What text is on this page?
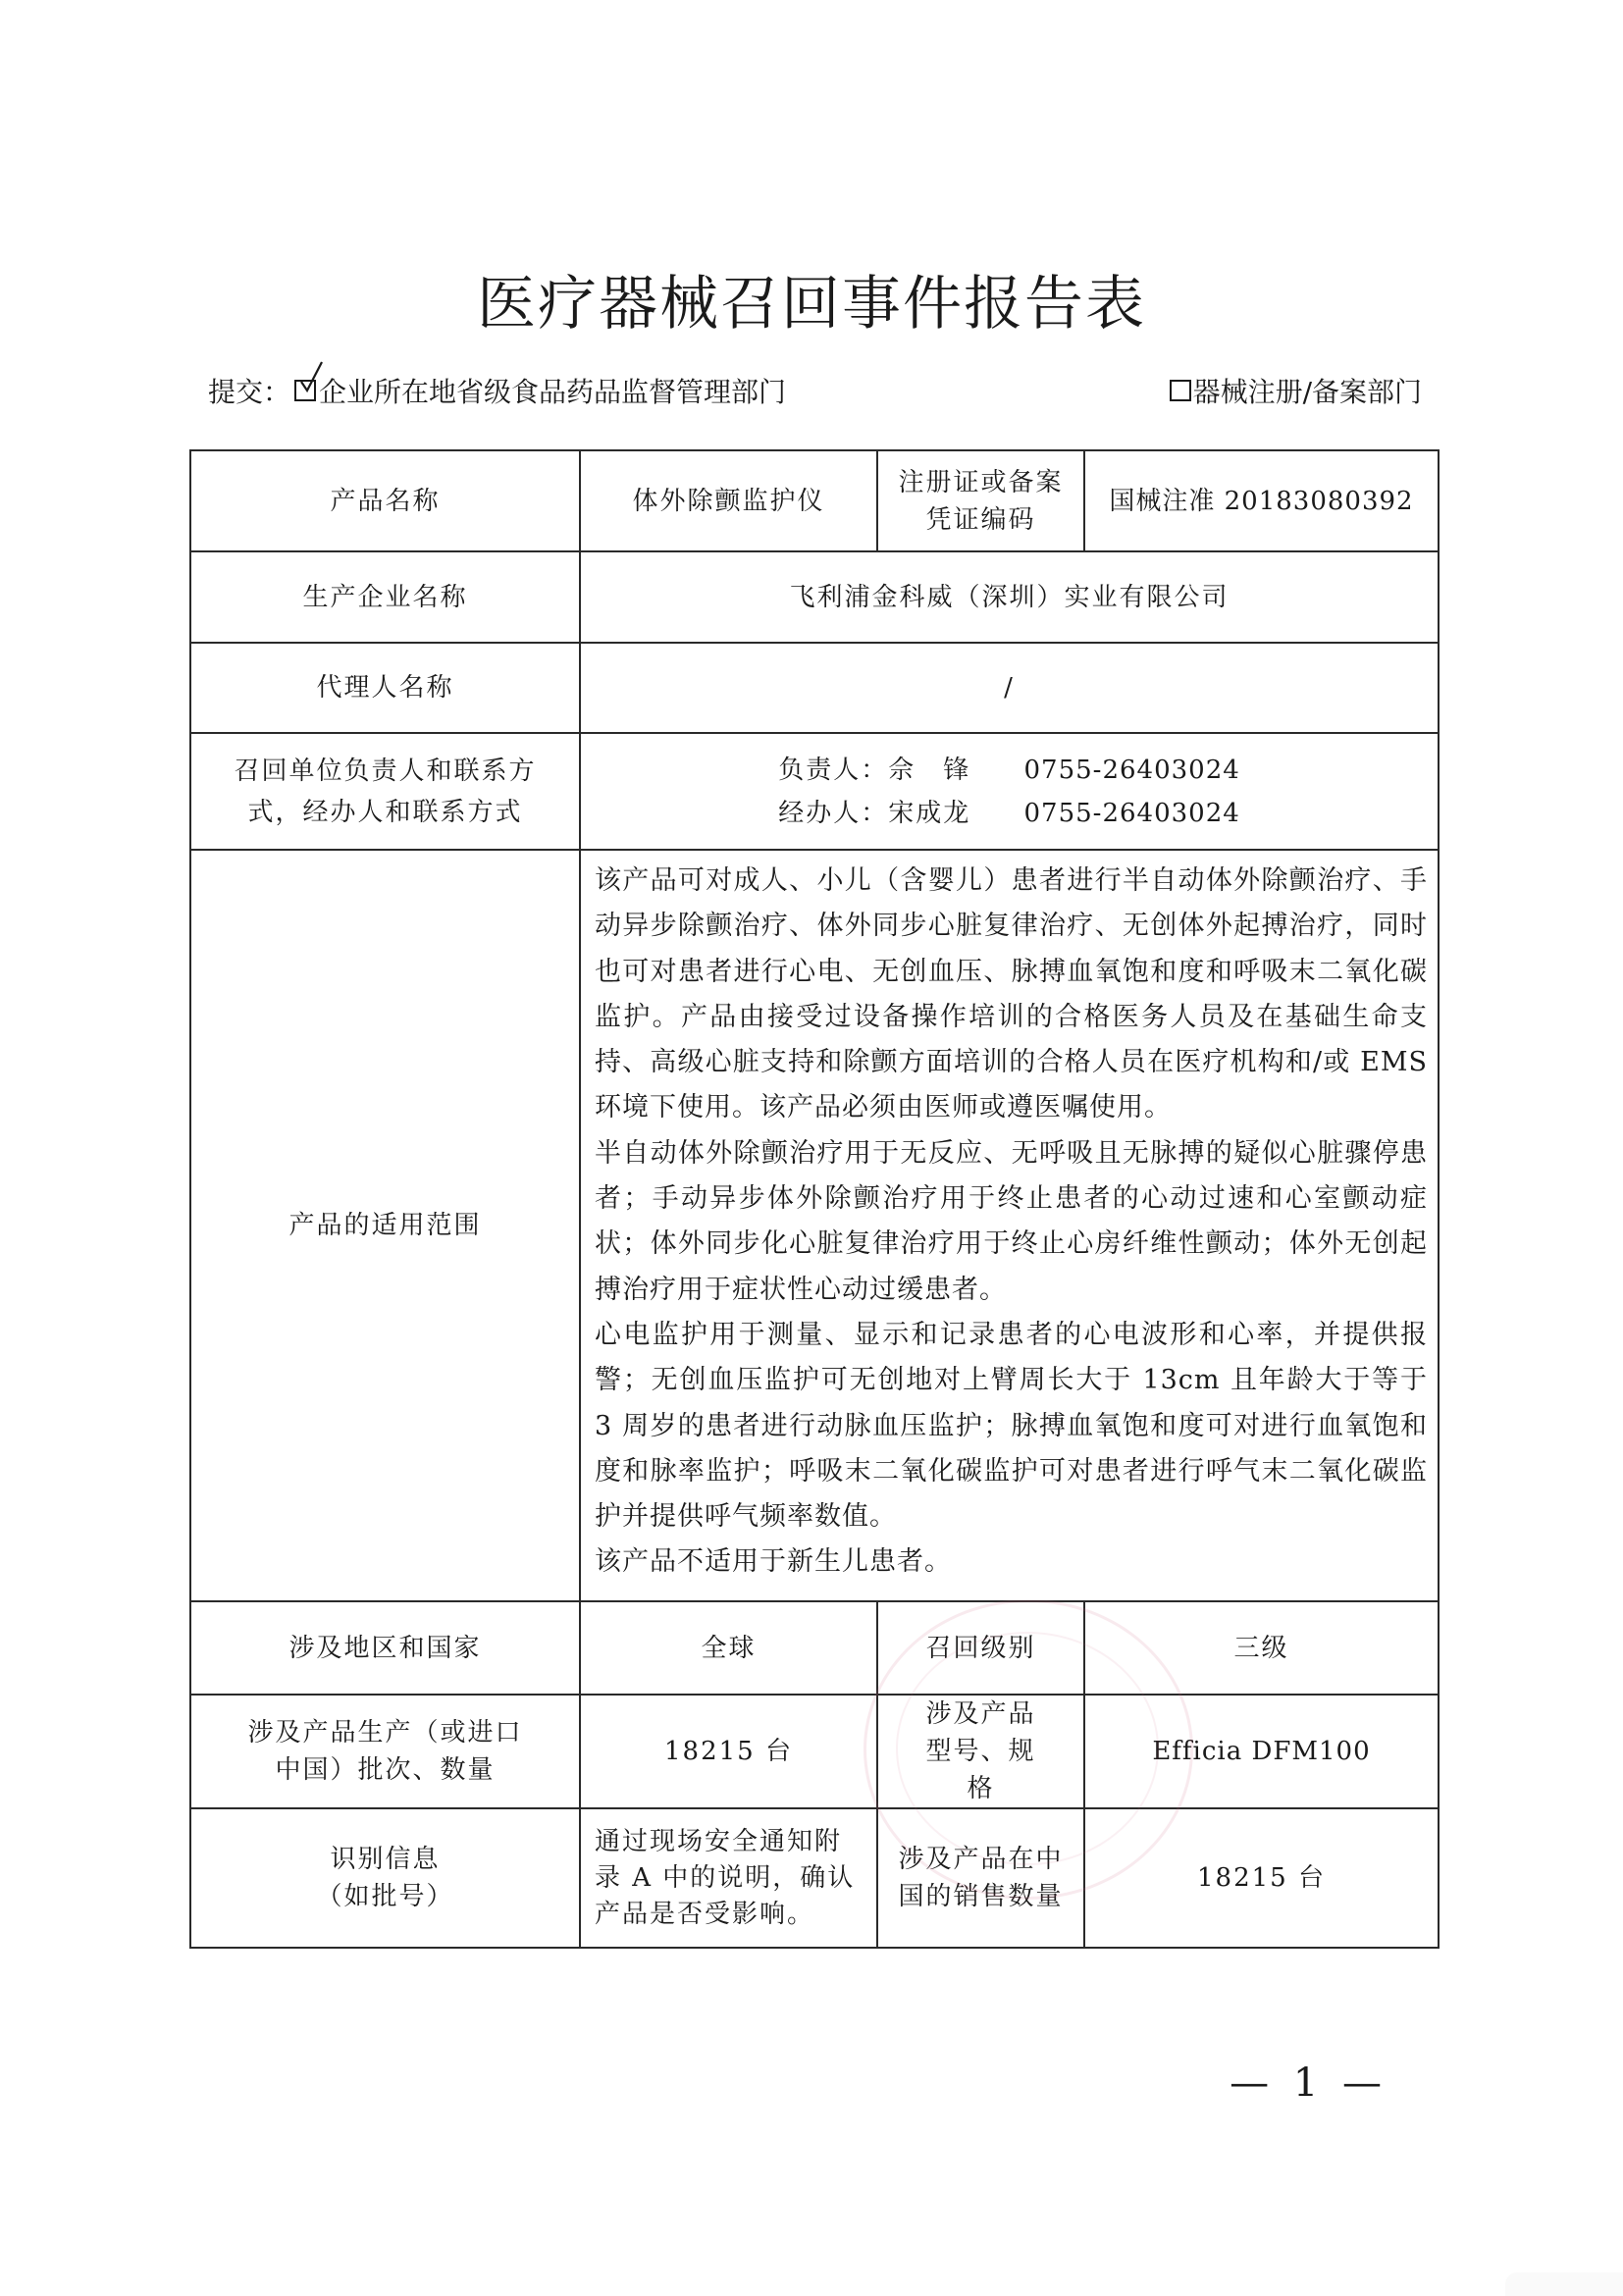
医疗器械召回事件报告表
提交： 企业所在地省级食品药品监督管理部门	器械注册/备案部门
产品名称	体外除颤监护仪	注册证或备案凭证编码	国械注准 20183080392
生产企业名称	飞利浦金科威（深圳）实业有限公司		
代理人名称	/		
召回单位负责人和联系方式，经办人和联系方式	负责人：佘　锋 0755-26403024
经办人：宋成龙 0755-26403024		

产品的适用范围	该产品可对成人、小儿（含婴儿）患者进行半自动体外除颤治疗、手动异步除颤治疗、体外同步心脏复律治疗、无创体外起搏治疗，同时也可对患者进行心电、无创血压、脉搏血氧饱和度和呼吸末二氧化碳监护。产品由接受过设备操作培训的合格医务人员及在基础生命支持、高级心脏支持和除颤方面培训的合格人员在医疗机构和/或 EMS 环境下使用。该产品必须由医师或遵医嘱使用。

半自动体外除颤治疗用于无反应、无呼吸且无脉搏的疑似心脏骤停患者；手动异步体外除颤治疗用于终止患者的心动过速和心室颤动症状；体外同步化心脏复律治疗用于终止心房纤维性颤动；体外无创起搏治疗用于症状性心动过缓患者。

心电监护用于测量、显示和记录患者的心电波形和心率，并提供报警；无创血压监护可无创地对上臂周长大于 13cm 且年龄大于等于 3 周岁的患者进行动脉血压监护；脉搏血氧饱和度可对进行血氧饱和度和脉率监护；呼吸末二氧化碳监护可对患者进行呼气末二氧化碳监护并提供呼气频率数值。

该产品不适用于新生儿患者。		

涉及地区和国家	全球	召回级别	三级
涉及产品生产（或进口中国）批次、数量	18215 台	涉及产品型号、规格	Efficia DFM100
识别信息（如批号）	通过现场安全通知附录 A 中的说明，确认产品是否受影响。	涉及产品在中国的销售数量	18215 台
— 1 —
